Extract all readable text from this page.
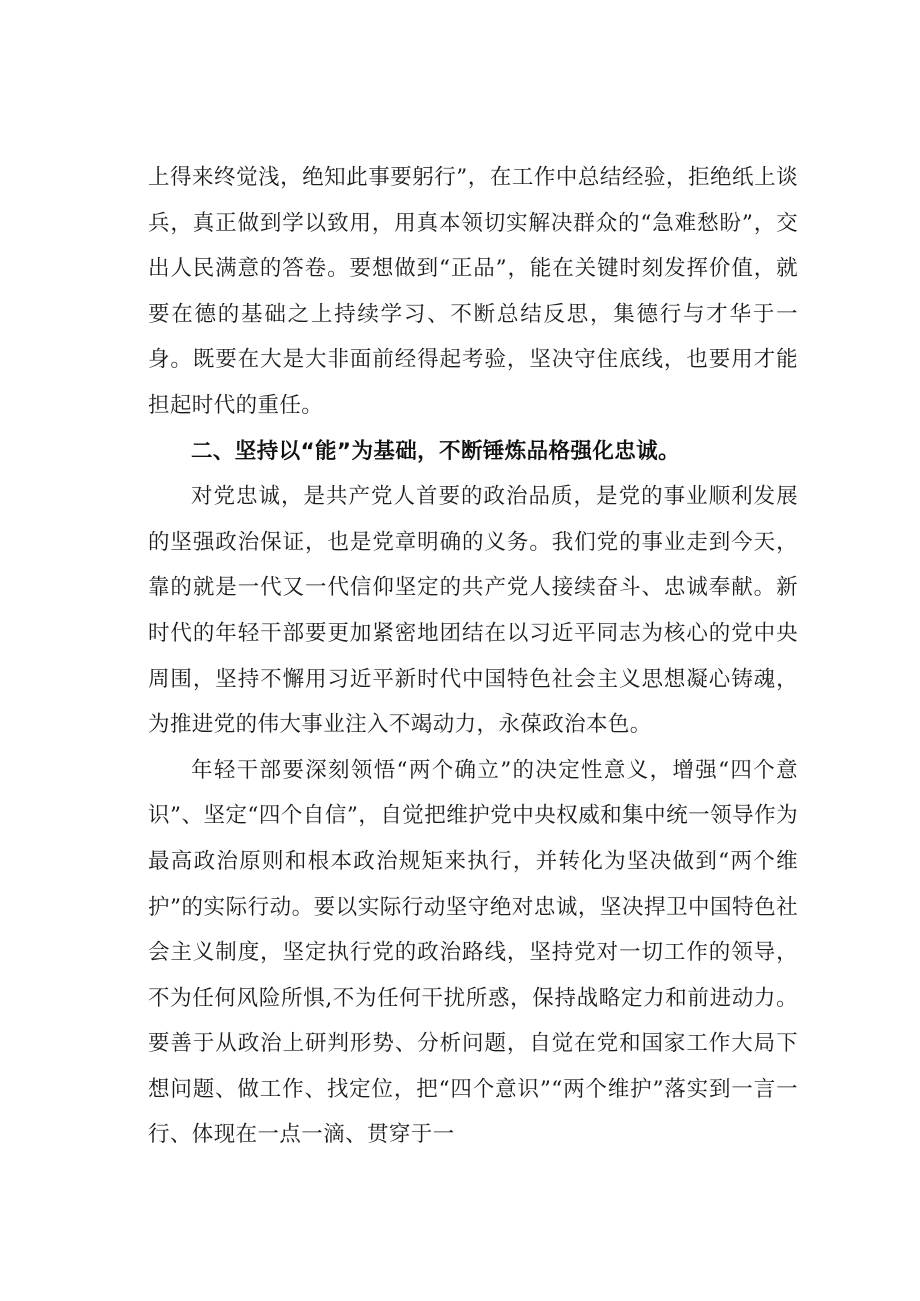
上得来终觉浅，绝知此事要躬行”，在工作中总结经验，拒绝纸上谈兵，真正做到学以致用，用真本领切实解决群众的“急难愁盼”，交出人民满意的答卷。要想做到“正品”，能在关键时刻发挥价值，就要在德的基础之上持续学习、不断总结反思，集德行与才华于一身。既要在大是大非面前经得起考验，坚决守住底线，也要用才能担起时代的重任。

二、坚持以“能”为基础，不断锤炼品格强化忠诚。

对党忠诚，是共产党人首要的政治品质，是党的事业顺利发展的坚强政治保证，也是党章明确的义务。我们党的事业走到今天，靠的就是一代又一代信仰坚定的共产党人接续奋斗、忠诚奉献。新时代的年轻干部要更加紧密地团结在以习近平同志为核心的党中央周围，坚持不懈用习近平新时代中国特色社会主义思想凝心铸魂，为推进党的伟大事业注入不竭动力，永葆政治本色。

年轻干部要深刻领悟“两个确立”的决定性意义，增强“四个意识”、坚定“四个自信”，自觉把维护党中央权威和集中统一领导作为最高政治原则和根本政治规矩来执行，并转化为坚决做到“两个维护”的实际行动。要以实际行动坚守绝对忠诚，坚决捍卫中国特色社会主义制度，坚定执行党的政治路线，坚持党对一切工作的领导，不为任何风险所惧,不为任何干扰所惑，保持战略定力和前进动力。要善于从政治上研判形势、分析问题，自觉在党和国家工作大局下想问题、做工作、找定位，把“四个意识”“两个维护”落实到一言一行、体现在一点一滴、贯穿于一
